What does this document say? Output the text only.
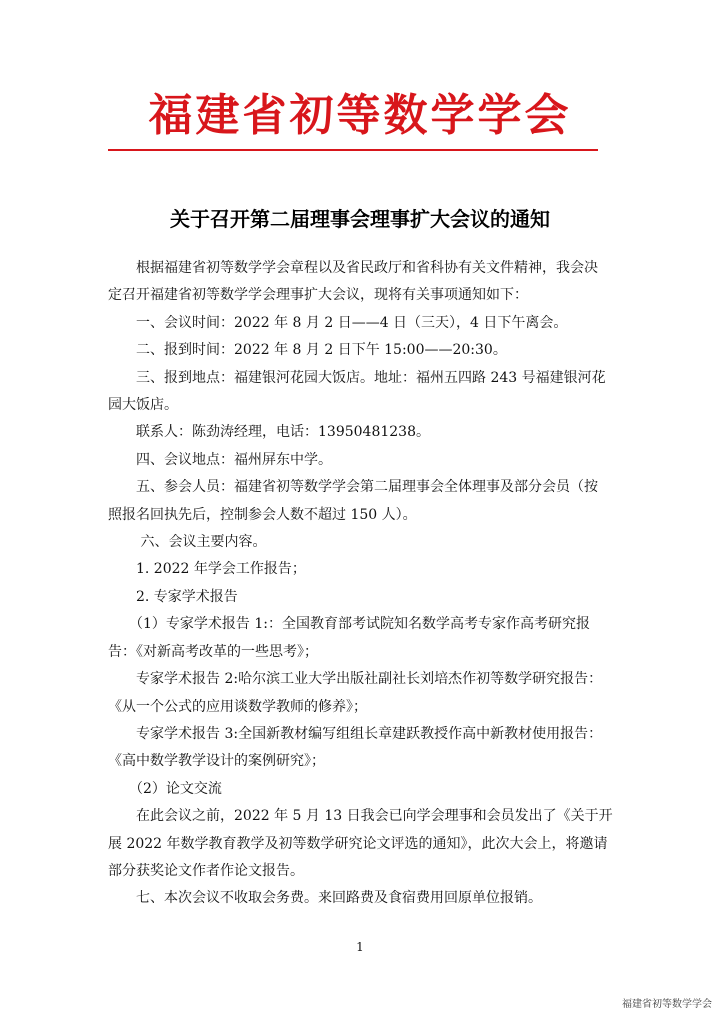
福建省初等数学学会
关于召开第二届理事会理事扩大会议的通知

　　根据福建省初等数学学会章程以及省民政厅和省科协有关文件精神，我会决

定召开福建省初等数学学会理事扩大会议，现将有关事项通知如下：

　　一、会议时间：2022 年 8 月 2 日——4 日（三天），4 日下午离会。

　　二、报到时间：2022 年 8 月 2 日下午 15:00——20:30。

　　三、报到地点：福建银河花园大饭店。地址：福州五四路 243 号福建银河花

园大饭店。

　　联系人：陈劲涛经理，电话：13950481238。

　　四、会议地点：福州屏东中学。

　　五、参会人员：福建省初等数学学会第二届理事会全体理事及部分会员（按

照报名回执先后，控制参会人数不超过 150 人）。

　　 六、会议主要内容。

　　1. 2022 年学会工作报告；

　　2. 专家学术报告

　　（1）专家学术报告 1:：全国教育部考试院知名数学高考专家作高考研究报

告：《对新高考改革的一些思考》；

　　专家学术报告 2:哈尔滨工业大学出版社副社长刘培杰作初等数学研究报告：

《从一个公式的应用谈数学教师的修养》；

　　专家学术报告 3:全国新教材编写组组长章建跃教授作高中新教材使用报告：

《高中数学教学设计的案例研究》；

　　（2）论文交流

　　在此会议之前，2022 年 5 月 13 日我会已向学会理事和会员发出了《关于开

展 2022 年数学教育教学及初等数学研究论文评选的通知》，此次大会上，将邀请

部分获奖论文作者作论文报告。

　　七、本次会议不收取会务费。来回路费及食宿费用回原单位报销。

1
福建省初等数学学会
